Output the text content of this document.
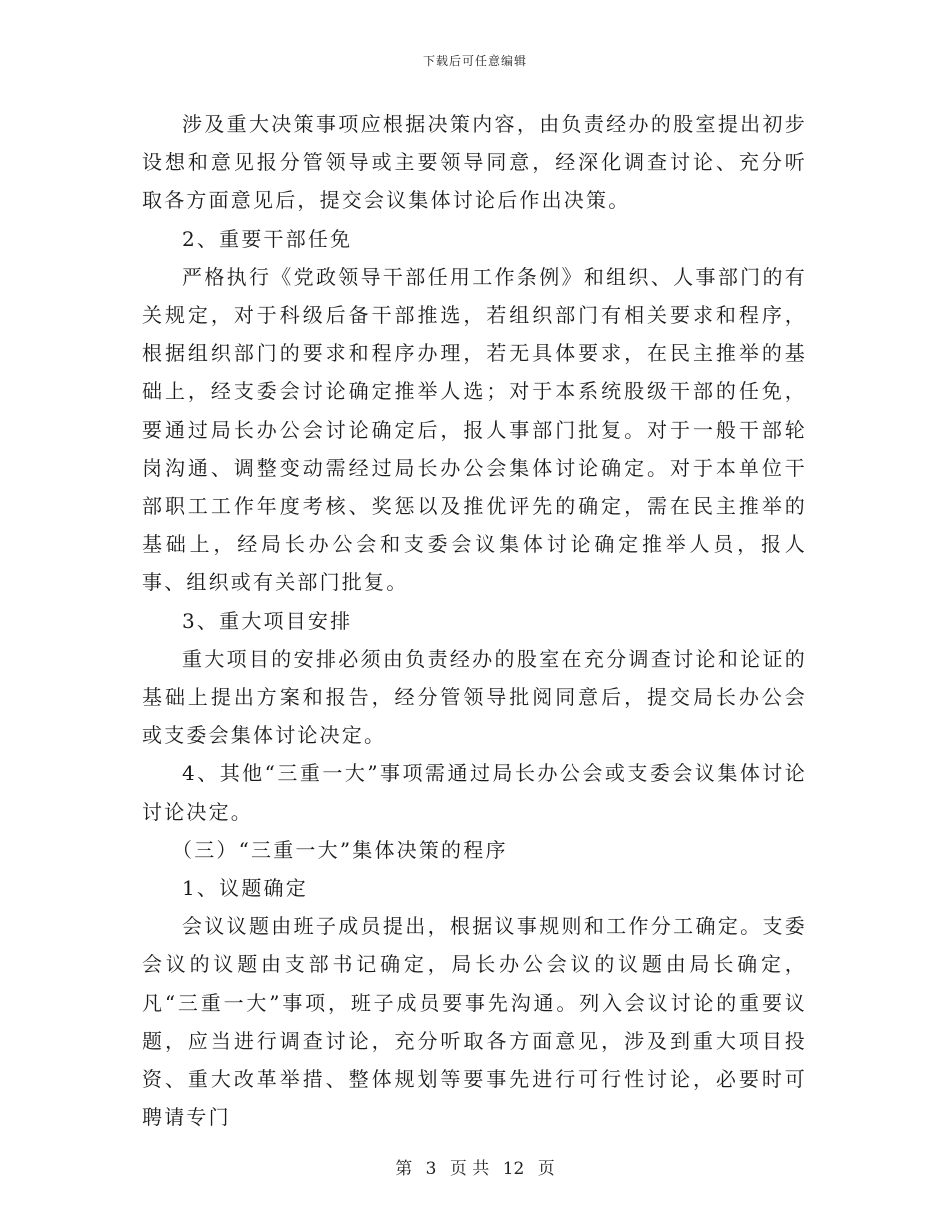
下载后可任意编辑

涉及重大决策事项应根据决策内容，由负责经办的股室提出初步设想和意见报分管领导或主要领导同意，经深化调查讨论、充分听取各方面意见后，提交会议集体讨论后作出决策。

2、重要干部任免

严格执行《党政领导干部任用工作条例》和组织、人事部门的有关规定，对于科级后备干部推选，若组织部门有相关要求和程序，根据组织部门的要求和程序办理，若无具体要求，在民主推举的基础上，经支委会讨论确定推举人选；对于本系统股级干部的任免，要通过局长办公会讨论确定后，报人事部门批复。对于一般干部轮岗沟通、调整变动需经过局长办公会集体讨论确定。对于本单位干部职工工作年度考核、奖惩以及推优评先的确定，需在民主推举的基础上，经局长办公会和支委会议集体讨论确定推举人员，报人事、组织或有关部门批复。

3、重大项目安排

重大项目的安排必须由负责经办的股室在充分调查讨论和论证的基础上提出方案和报告，经分管领导批阅同意后，提交局长办公会或支委会集体讨论决定。

4、其他“三重一大”事项需通过局长办公会或支委会议集体讨论讨论决定。

（三）“三重一大”集体决策的程序

1、议题确定

会议议题由班子成员提出，根据议事规则和工作分工确定。支委会议的议题由支部书记确定，局长办公会议的议题由局长确定，凡“三重一大”事项，班子成员要事先沟通。列入会议讨论的重要议题，应当进行调查讨论，充分听取各方面意见，涉及到重大项目投资、重大改革举措、整体规划等要事先进行可行性讨论，必要时可聘请专门

第 3 页 共 12 页
